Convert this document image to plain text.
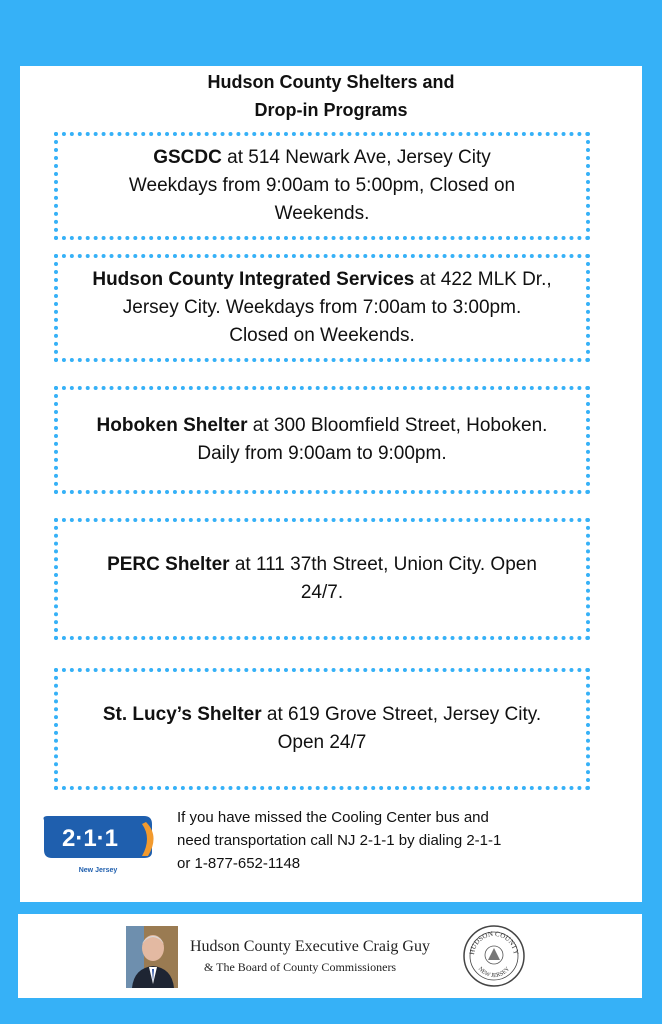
Hudson County Shelters and
Drop-in Programs
GSCDC at 514 Newark Ave, Jersey City
Weekdays from 9:00am to 5:00pm, Closed on
Weekends.
Hudson County Integrated Services at 422 MLK Dr.,
Jersey City. Weekdays from 7:00am to 3:00pm.
Closed on Weekends.
Hoboken Shelter at 300 Bloomfield Street, Hoboken.
Daily from 9:00am to 9:00pm.
PERC Shelter at 111 37th Street, Union City. Open
24/7.
St. Lucy’s Shelter at 619 Grove Street, Jersey City.
Open 24/7
2·1·1
New Jersey
If you have missed the Cooling Center bus and
need transportation call NJ 2-1-1 by dialing 2-1-1
or 1-877-652-1148
Hudson County Executive Craig Guy
& The Board of County Commissioners
HUDSON COUNTY
NEW JERSEY
